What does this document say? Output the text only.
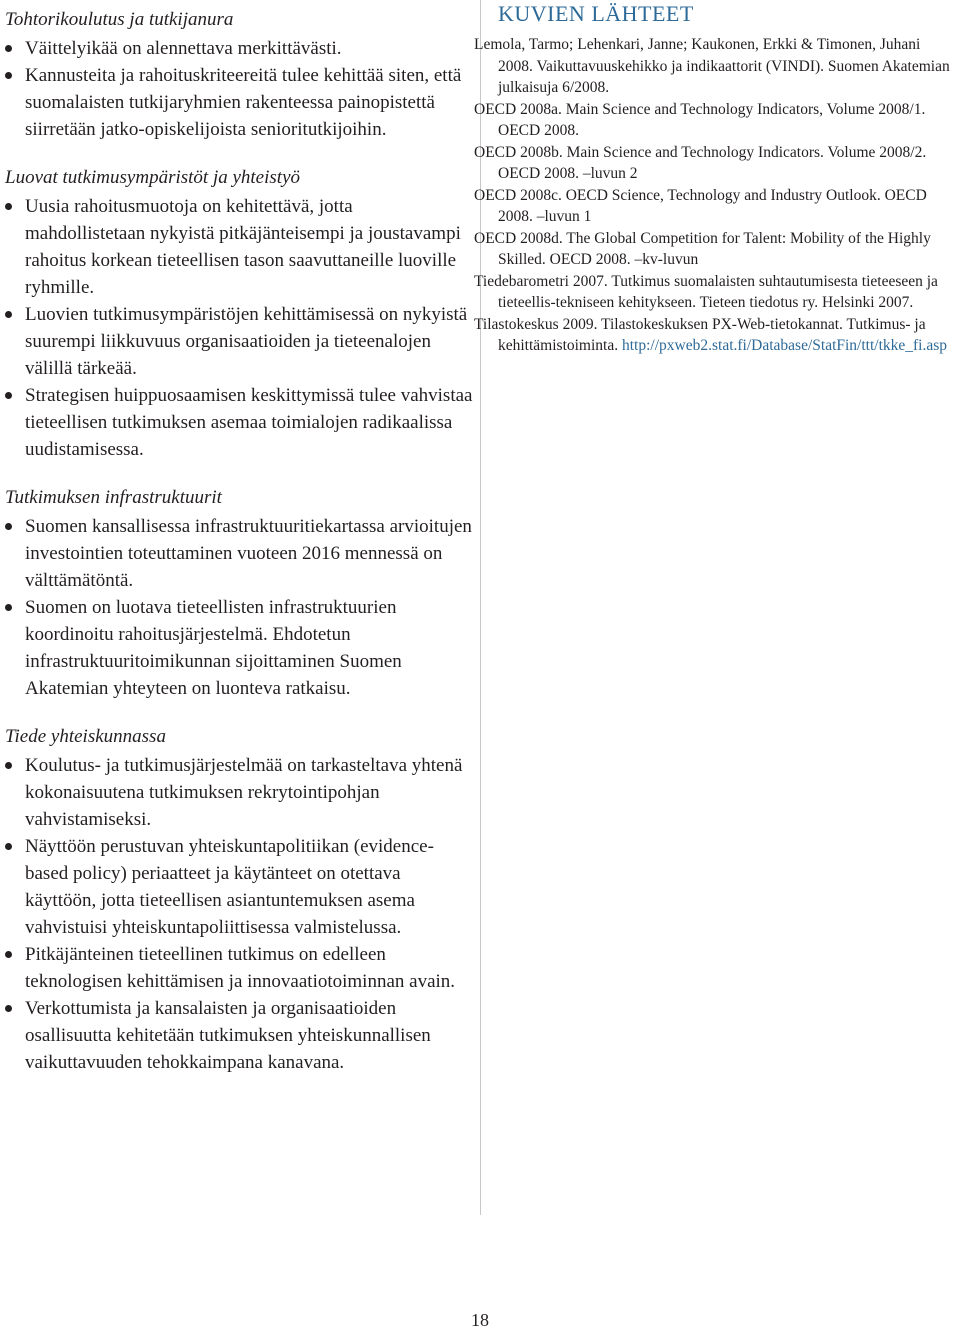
Tohtorikoulutus ja tutkijanura
Väittelyikää on alennettava merkittävästi.
Kannusteita ja rahoituskriteereitä tulee kehittää siten, että suomalaisten tutkijaryhmien rakenteessa painopistettä siirretään jatko-opiskelijoista senioritutkijoihin.
Luovat tutkimusympäristöt ja yhteistyö
Uusia rahoitusmuotoja on kehitettävä, jotta mahdollistetaan nykyistä pitkäjänteisempi ja joustavampi rahoitus korkean tieteellisen tason saavuttaneille luoville ryhmille.
Luovien tutkimusympäristöjen kehittämisessä on nykyistä suurempi liikkuvuus organisaatioiden ja tieteenalojen välillä tärkeää.
Strategisen huippuosaamisen keskittymissä tulee vahvistaa tieteellisen tutkimuksen asemaa toimialojen radikaalissa uudistamisessa.
Tutkimuksen infrastruktuurit
Suomen kansallisessa infrastruktuuritiekartassa arvioitujen investointien toteuttaminen vuoteen 2016 mennessä on välttämätöntä.
Suomen on luotava tieteellisten infrastruktuurien koordinoitu rahoitusjärjestelmä. Ehdotetun infrastruktuuritoimikunnan sijoittaminen Suomen Akatemian yhteyteen on luonteva ratkaisu.
Tiede yhteiskunnassa
Koulutus- ja tutkimusjärjestelmää on tarkasteltava yhtenä kokonaisuutena tutkimuksen rekrytointipohjan vahvistamiseksi.
Näyttöön perustuvan yhteiskuntapolitiikan (evidence-based policy) periaatteet ja käytänteet on otettava käyttöön, jotta tieteellisen asiantuntemuksen asema vahvistuisi yhteiskuntapoliittisessa valmistelussa.
Pitkäjänteinen tieteellinen tutkimus on edelleen teknologisen kehittämisen ja innovaatiotoiminnan avain.
Verkottumista ja kansalaisten ja organisaatioiden osallisuutta kehitetään tutkimuksen yhteiskunnallisen vaikuttavuuden tehokkaimpana kanavana.
KUVIEN LÄHTEET

Lemola, Tarmo; Lehenkari, Janne; Kaukonen, Erkki & Timonen, Juhani 2008. Vaikuttavuuskehikko ja indikaattorit (VINDI). Suomen Akatemian julkaisuja 6/2008.

OECD 2008a. Main Science and Technology Indicators, Volume 2008/1. OECD 2008.

OECD 2008b. Main Science and Technology Indicators. Volume 2008/2. OECD 2008. –luvun 2

OECD 2008c. OECD Science, Technology and Industry Outlook. OECD 2008. –luvun 1

OECD 2008d. The Global Competition for Talent: Mobility of the Highly Skilled. OECD 2008. –kv-luvun

Tiedebarometri 2007. Tutkimus suomalaisten suhtautumisesta tieteeseen ja tieteellis-tekniseen kehitykseen. Tieteen tiedotus ry. Helsinki 2007.

Tilastokeskus 2009. Tilastokeskuksen PX-Web-tietokannat. Tutkimus- ja kehittämistoiminta. http://pxweb2.stat.fi/Database/StatFin/ttt/tkke_fi.asp

18
